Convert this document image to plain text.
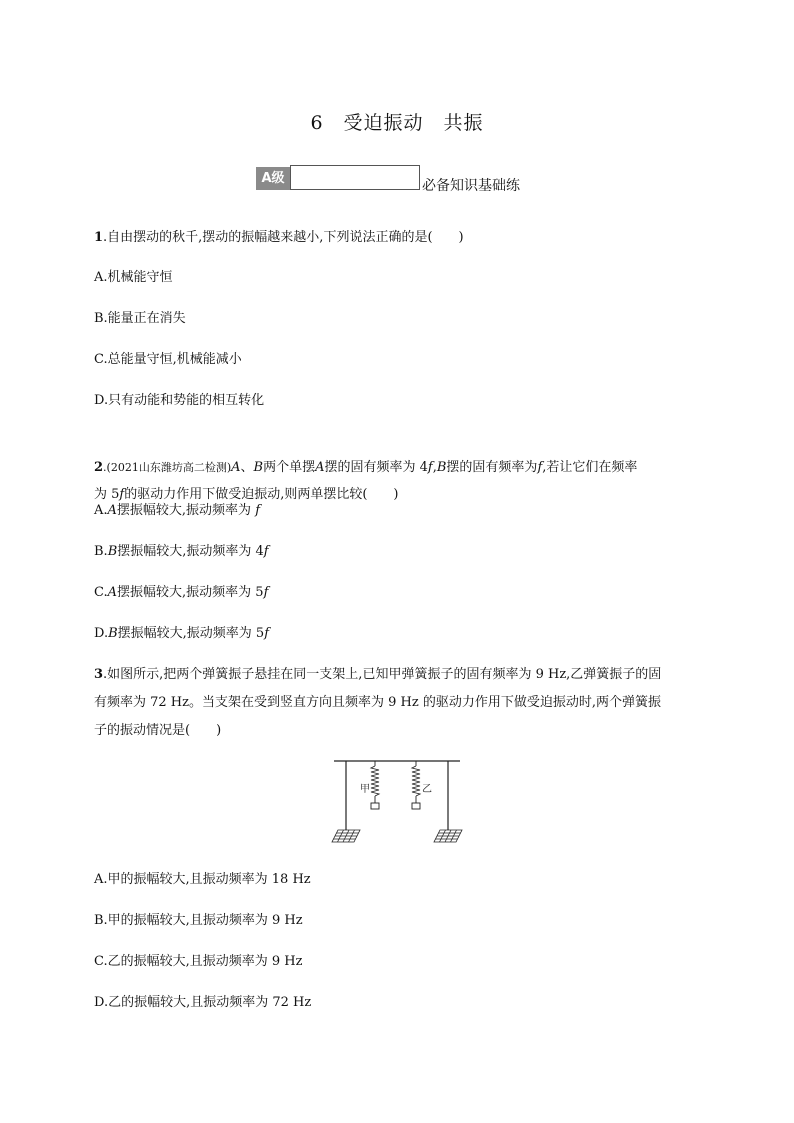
6　受迫振动　共振
A级	必备知识基础练
1.自由摆动的秋千,摆动的振幅越来越小,下列说法正确的是(　　)
A.机械能守恒
B.能量正在消失
C.总能量守恒,机械能减小
D.只有动能和势能的相互转化
2.(2021山东潍坊高二检测)A、B两个单摆A摆的固有频率为 4f,B摆的固有频率为f,若让它们在频率
为 5f的驱动力作用下做受迫振动,则两单摆比较(　　)
A.A摆振幅较大,振动频率为 f
B.B摆振幅较大,振动频率为 4f
C.A摆振幅较大,振动频率为 5f
D.B摆振幅较大,振动频率为 5f
3.如图所示,把两个弹簧振子悬挂在同一支架上,已知甲弹簧振子的固有频率为 9 Hz,乙弹簧振子的固
有频率为 72 Hz。当支架在受到竖直方向且频率为 9 Hz 的驱动力作用下做受迫振动时,两个弹簧振
子的振动情况是(　　)
甲	乙
A.甲的振幅较大,且振动频率为 18 Hz
B.甲的振幅较大,且振动频率为 9 Hz
C.乙的振幅较大,且振动频率为 9 Hz
D.乙的振幅较大,且振动频率为 72 Hz
